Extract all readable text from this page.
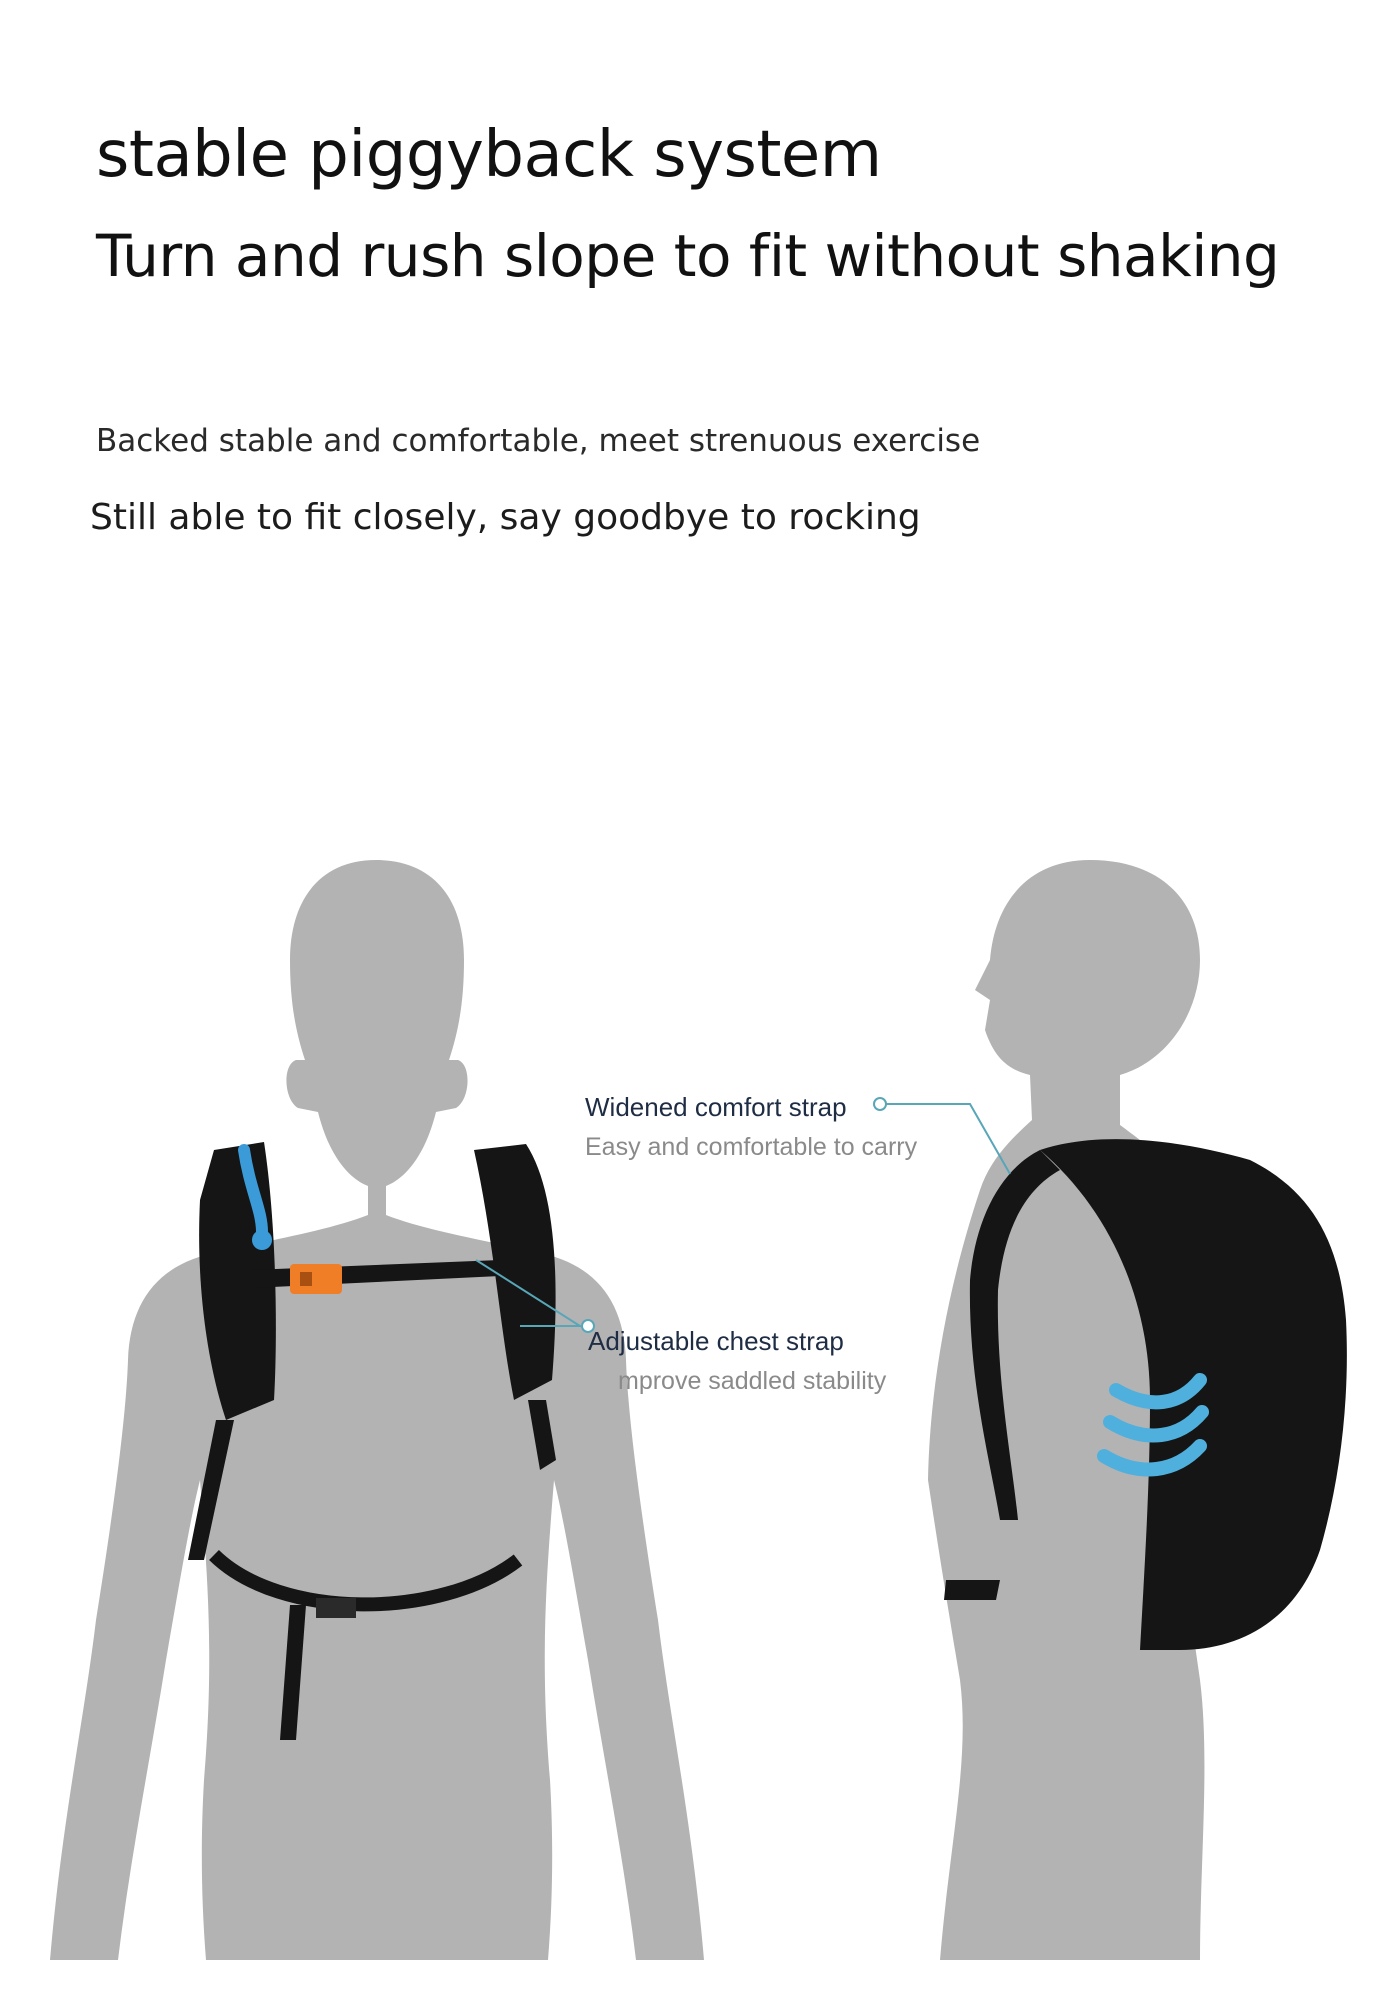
stable piggyback system
Turn and rush slope to fit without shaking

Backed stable and comfortable, meet strenuous exercise

Still able to fit closely, say goodbye to rocking

Widened comfort strap
Easy and comfortable to carry
Adjustable chest strap
mprove saddled stability
